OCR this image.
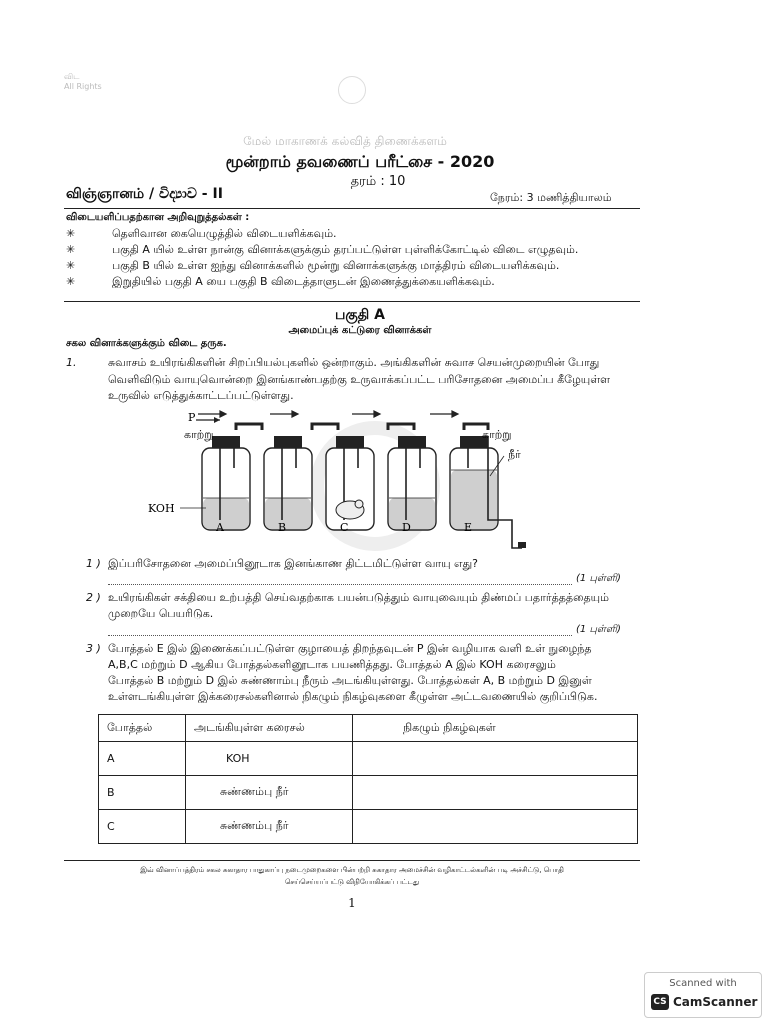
விட
All Rights
மேல் மாகாணக் கல்வித் திணைக்களம்
மூன்றாம் தவணைப் பரீட்சை - 2020
தரம் : 10
விஞ்ஞானம் / විද්‍යාව - II	நேரம்: 3 மணித்தியாலம்
விடையளிப்பதற்கான அறிவுறுத்தல்கள் :
✳	தெளிவான கையெழுத்தில் விடையளிக்கவும்.
✳	பகுதி A யில் உள்ள நான்கு வினாக்களுக்கும் தரப்பட்டுள்ள புள்ளிக்கோட்டில் விடை எழுதவும்.
✳	பகுதி B யில் உள்ள ஐந்து வினாக்களில் மூன்று வினாக்களுக்கு மாத்திரம் விடையளிக்கவும்.
✳	இறுதியில் பகுதி A யை பகுதி B விடைத்தாளுடன் இணைத்துக்கையளிக்கவும்.
பகுதி A
அமைப்புக் கட்டுரை வினாக்கள்
சகல வினாக்களுக்கும் விடை தருக.
1.	சுவாசம் உயிரங்கிகளின் சிறப்பியல்புகளில் ஒன்றாகும். அங்கிகளின் சுவாச செயன்முறையின் போது
வெளிவிடும் வாயுவொன்றை இனங்காண்பதற்கு உருவாக்கப்பட்ட பரிசோதனை அமைப்ப கீழேயுள்ள
உருவில் எடுத்துக்காட்டப்பட்டுள்ளது.
P
காற்று	காற்று
நீர்
KOH
A	B	C	D	E
1 ) இப்பரிசோதனை அமைப்பினூடாக இனங்காண திட்டமிட்டுள்ள வாயு எது?
(1 புள்ளி)
2 ) உயிரங்கிகள் சக்தியை உற்பத்தி செய்வதற்காக பயன்படுத்தும் வாயுவையும் திண்மப் பதார்த்தத்தையும்
முறையே பெயரிடுக.
(1 புள்ளி)
3 ) போத்தல் E இல் இணைக்கப்பட்டுள்ள குழாயைத் திறந்தவுடன் P இன் வழியாக வளி உள் நுழைந்த
A,B,C மற்றும் D ஆகிய போத்தல்களினூடாக பயணித்தது. போத்தல் A இல் KOH கரைசலும்
போத்தல் B மற்றும் D இல் சுண்ணாம்பு நீரும் அடங்கியுள்ளது. போத்தல்கள் A, B மற்றும் D இனுள்
உள்ளடங்கியுள்ள இக்கரைசல்களினால் நிகழும் நிகழ்வுகளை கீழுள்ள அட்டவணையில் குறிப்பிடுக.
போத்தல்	அடங்கியுள்ள கரைசல்	நிகழும் நிகழ்வுகள்
A	KOH	
B	சுண்ணம்பு நீர்	
C	சுண்ணம்பு நீர்	
இவ் வினாப்பத்திரம் சகல சுகாதார பாதுகாப்பு நடைமுறைகளை பின்பற்றி சுகாதார அமைச்சின் வழிகாட்டல்களின் படி அச்சிட்டு, பொதி
செய்செய்யப்பட்டு விநியோகிக்கப் பட்டது
1
Scanned with
CS CamScanner
